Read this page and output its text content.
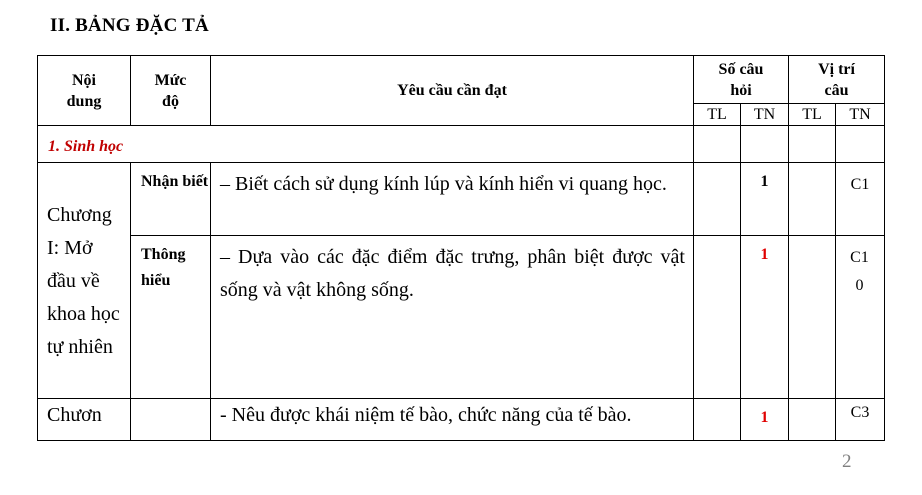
II. BẢNG ĐẶC TẢ
Nội dung	Mức độ	Yêu cầu cần đạt	Số câu hỏi		Vị trí câu	
			TL	TN	TL	TN
1. Sinh học						
Chương I: Mở đầu về khoa học tự nhiên	Nhận biết	– Biết cách sử dụng kính lúp và kính hiển vi quang học.		1		C1
	Thông hiểu	– Dựa vào các đặc điểm đặc trưng, phân biệt được vật sống và vật không sống.		1		C10
Chươn		- Nêu được khái niệm tế bào, chức năng của tế bào.		1		C3
2
